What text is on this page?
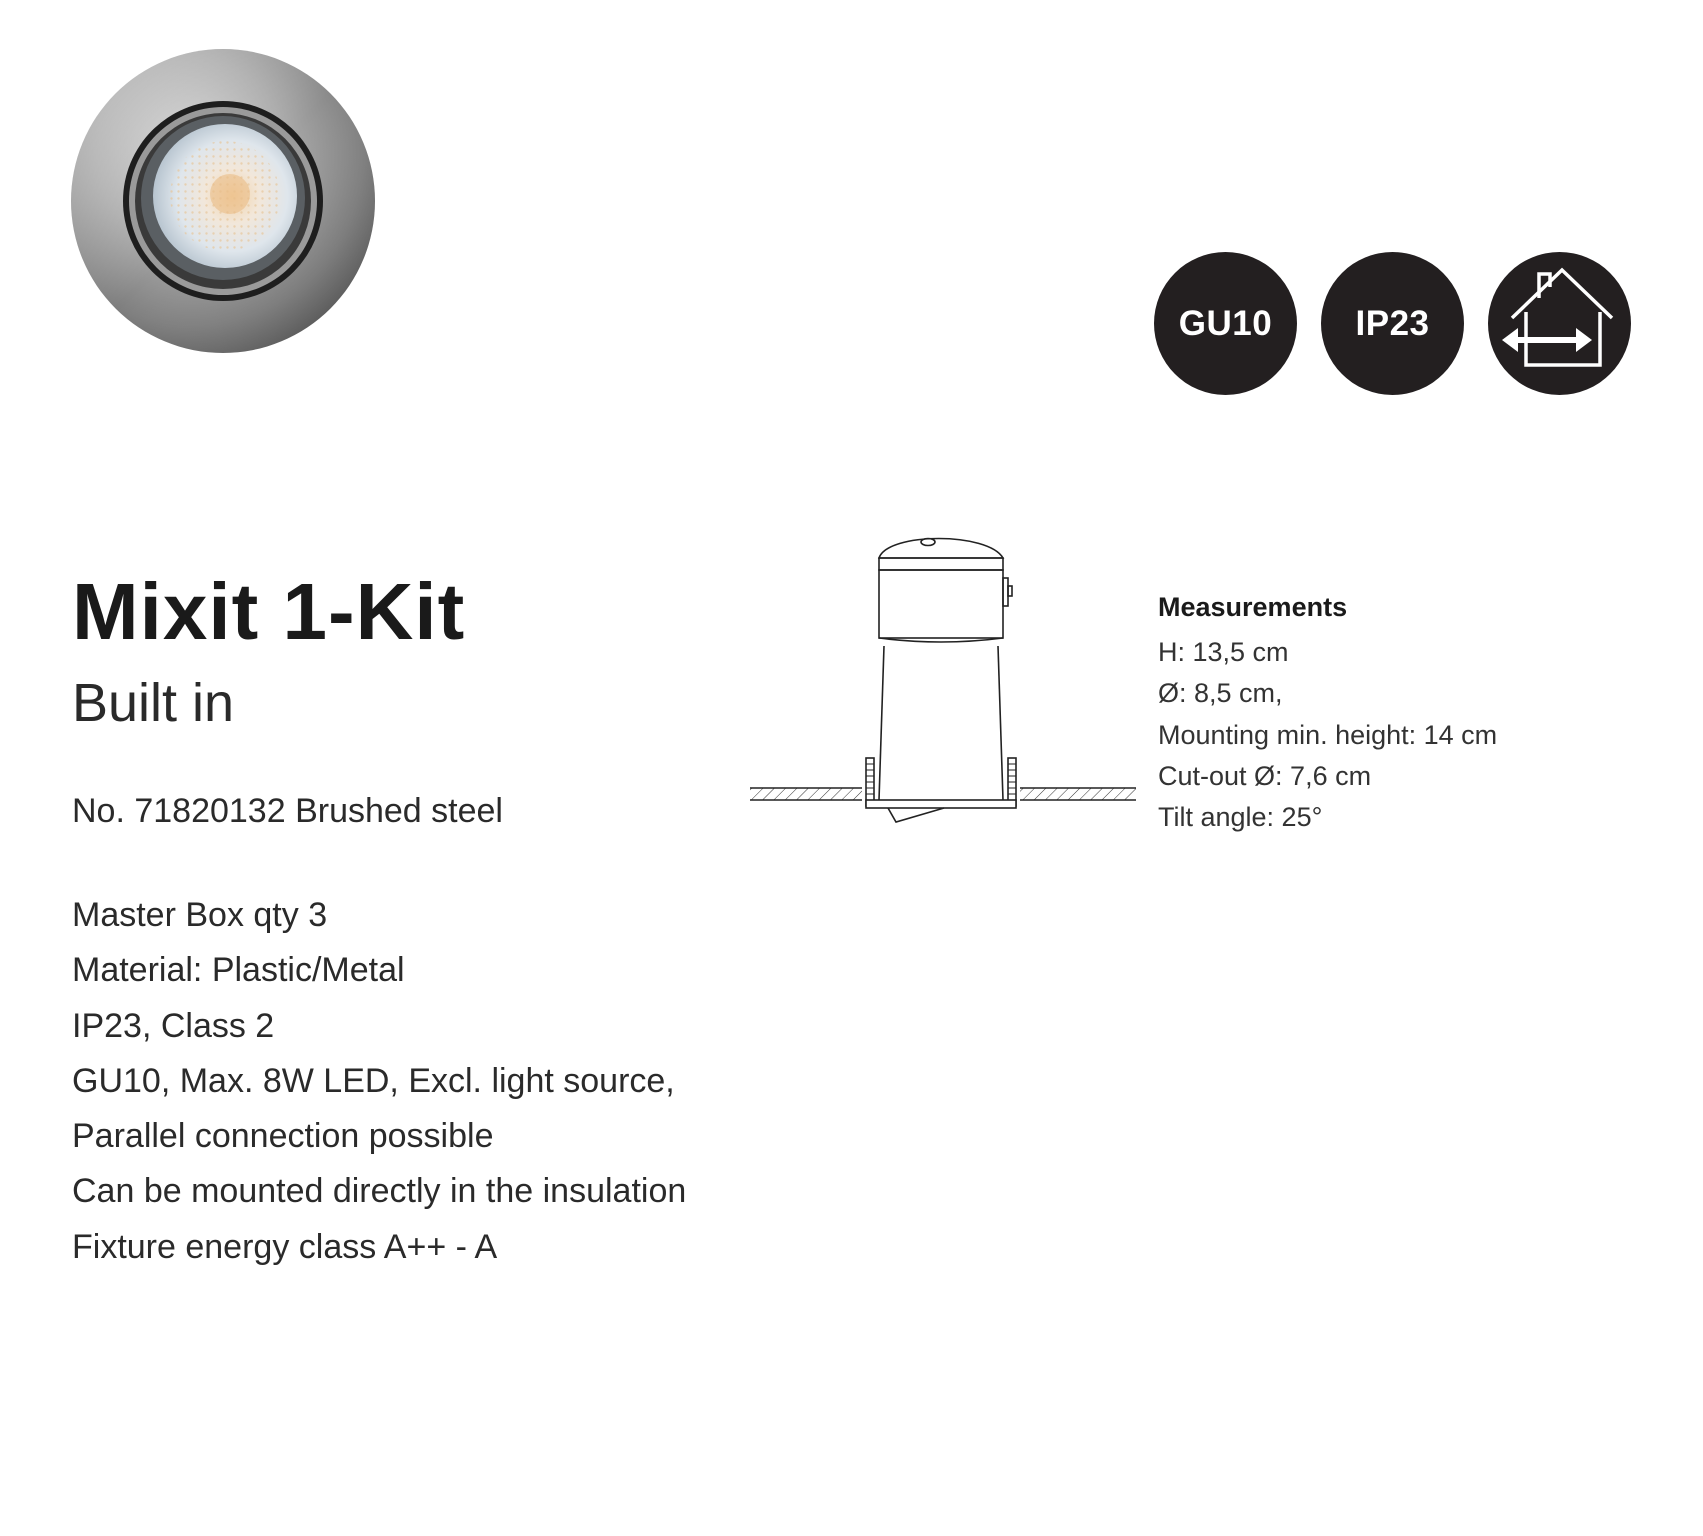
GU10 IP23
Mixit 1-Kit
Built in

No. 71820132 Brushed steel

Master Box qty 3
Material: Plastic/Metal
IP23, Class 2
GU10, Max. 8W LED, Excl. light source,
Parallel connection possible
Can be mounted directly in the insulation
Fixture energy class A++ - A
Measurements
H: 13,5 cm
Ø: 8,5 cm,
Mounting min. height: 14 cm
Cut-out Ø: 7,6 cm
Tilt angle: 25°
